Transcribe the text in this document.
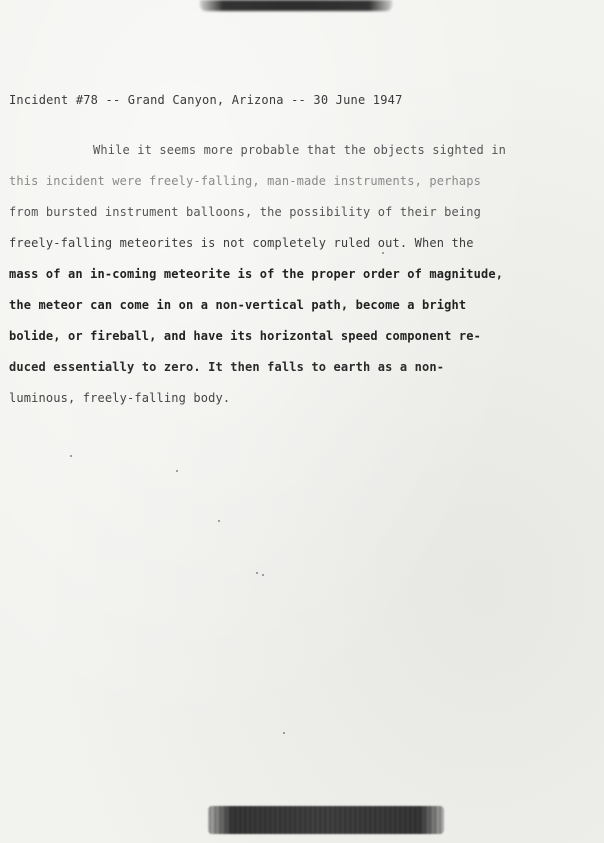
Incident #78 -- Grand Canyon, Arizona -- 30 June 1947
While it seems more probable that the objects sighted in
this incident were freely-falling, man-made instruments, perhaps
from bursted instrument balloons, the possibility of their being
freely-falling meteorites is not completely ruled out. When the
mass of an in-coming meteorite is of the proper order of magnitude,
the meteor can come in on a non-vertical path, become a bright
bolide, or fireball, and have its horizontal speed component re-
duced essentially to zero. It then falls to earth as a non-
luminous, freely-falling body.
